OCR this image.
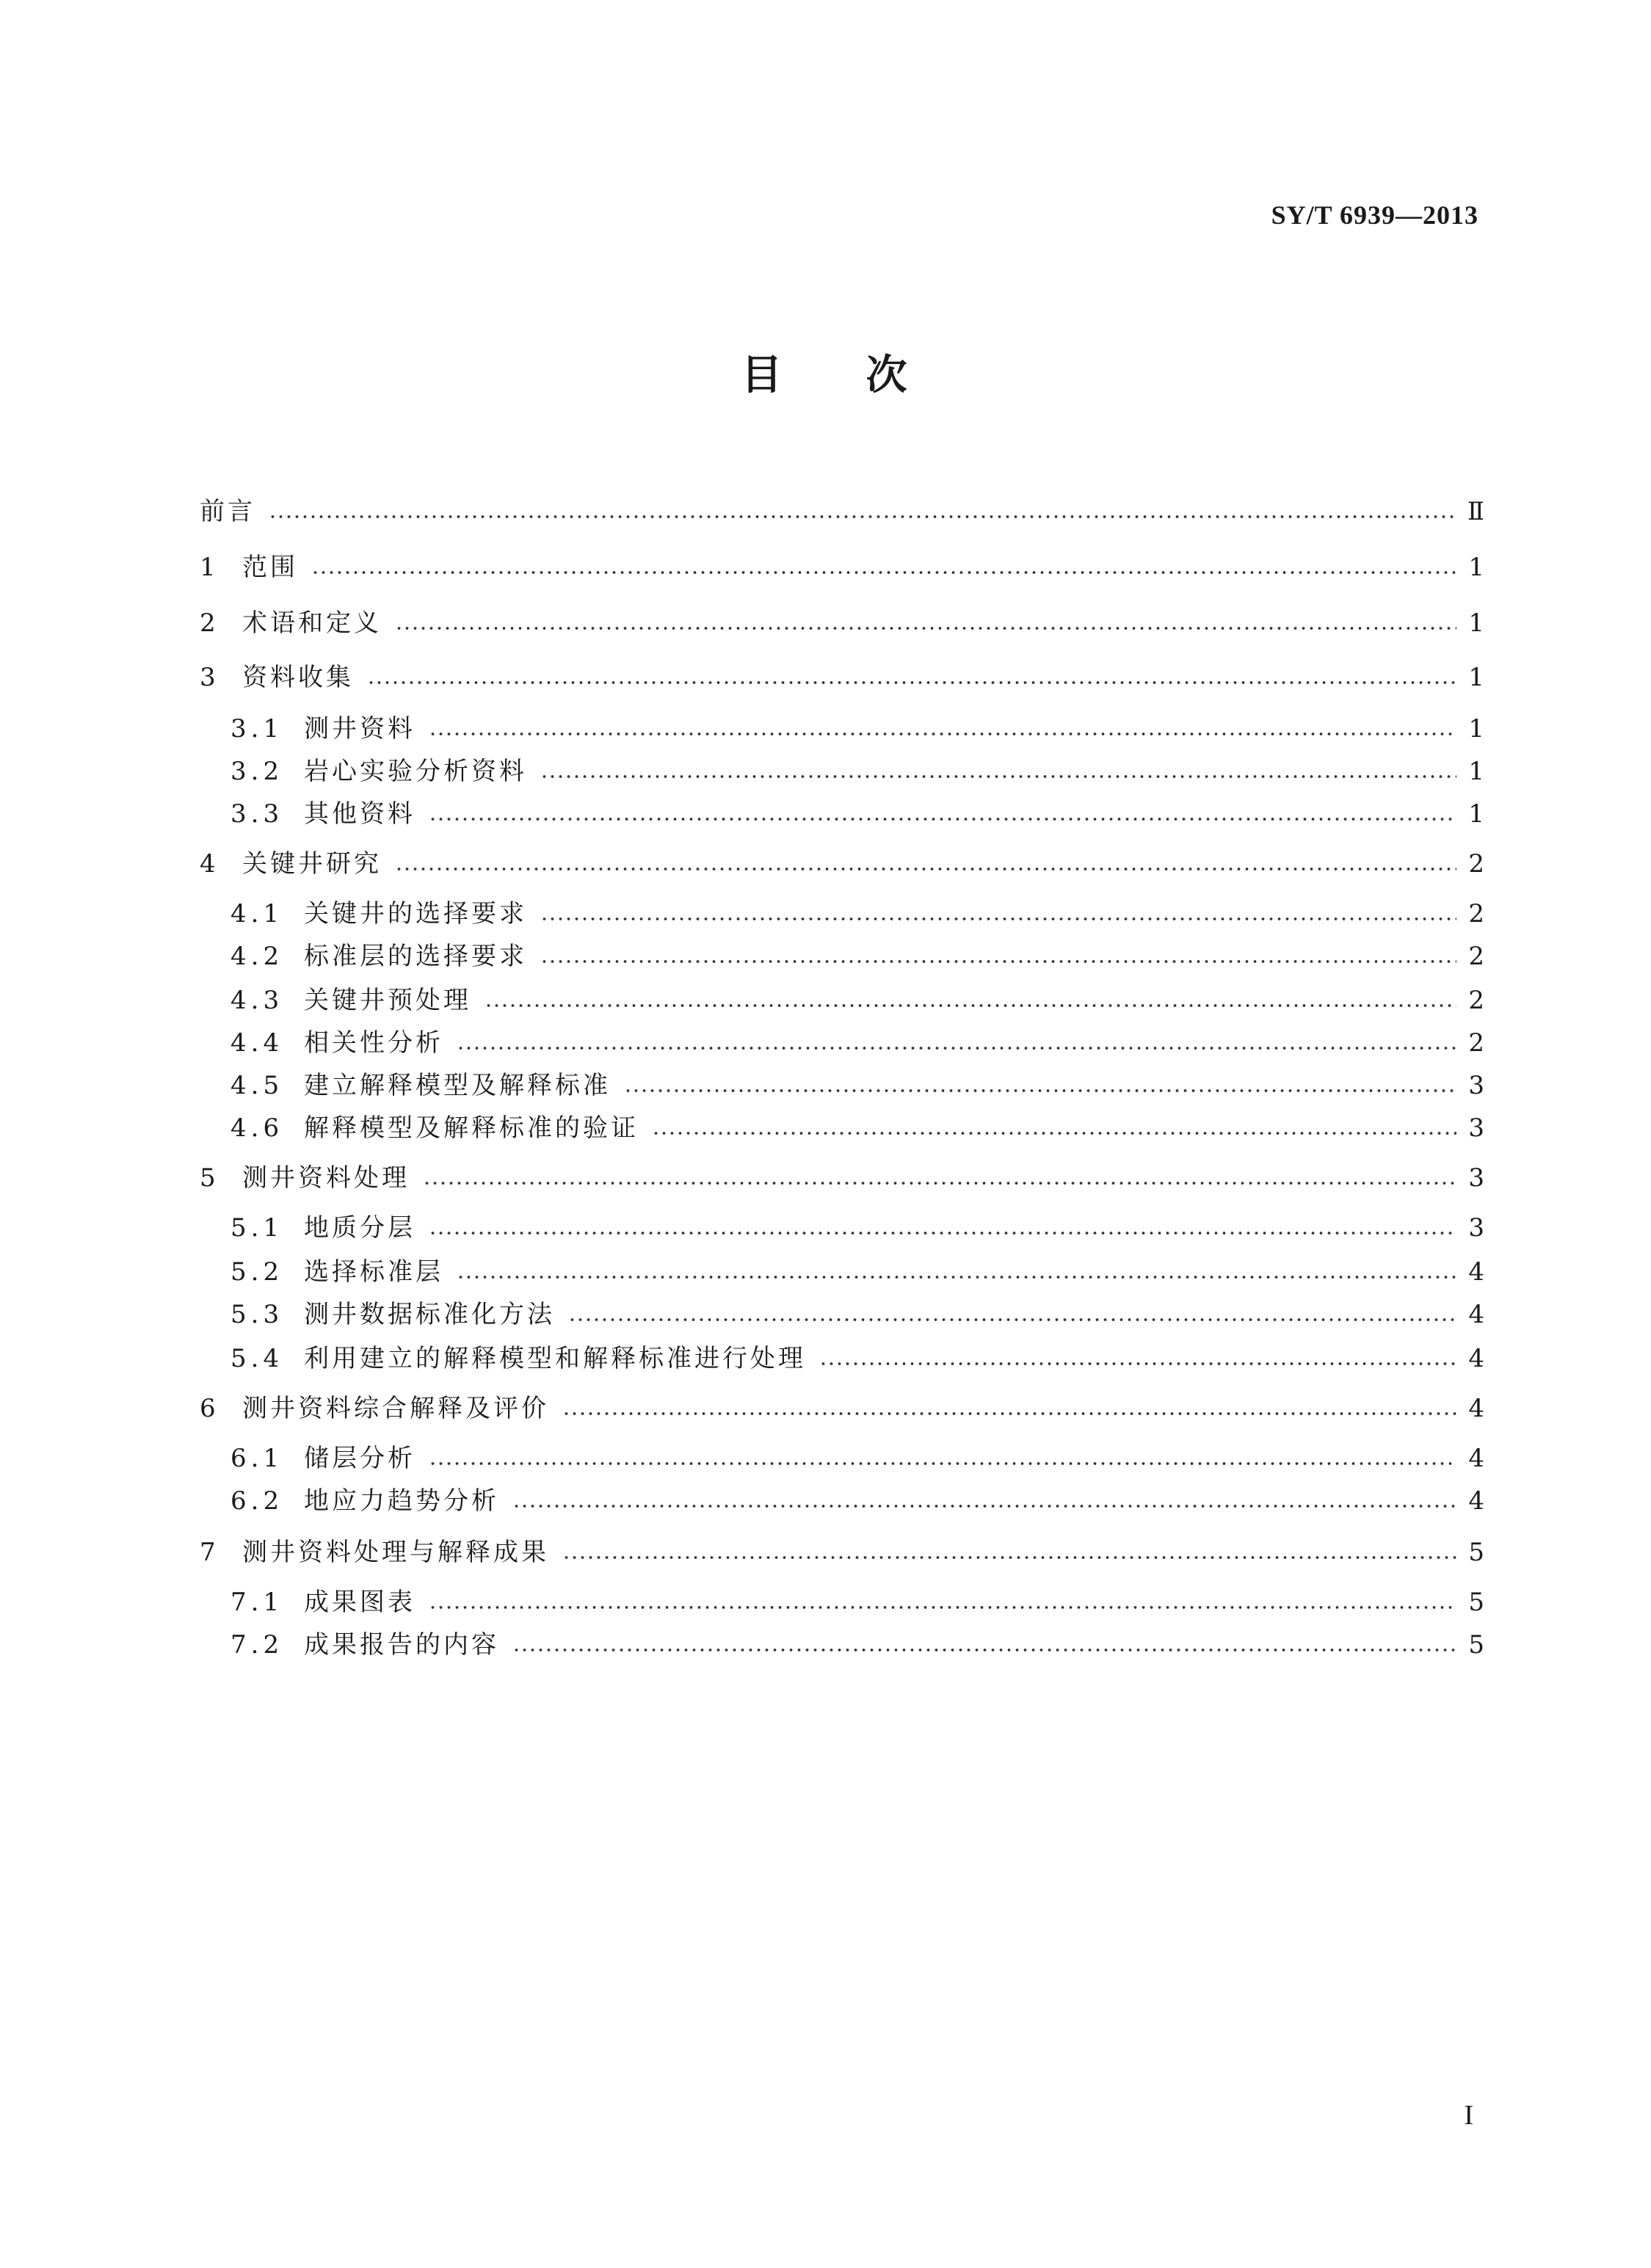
SY/T 6939—2013
目 次
前言	Ⅱ
1 范围	1
2 术语和定义	1
3 资料收集	1
3.1 测井资料	1
3.2 岩心实验分析资料	1
3.3 其他资料	1
4 关键井研究	2
4.1 关键井的选择要求	2
4.2 标准层的选择要求	2
4.3 关键井预处理	2
4.4 相关性分析	2
4.5 建立解释模型及解释标准	3
4.6 解释模型及解释标准的验证	3
5 测井资料处理	3
5.1 地质分层	3
5.2 选择标准层	4
5.3 测井数据标准化方法	4
5.4 利用建立的解释模型和解释标准进行处理	4
6 测井资料综合解释及评价	4
6.1 储层分析	4
6.2 地应力趋势分析	4
7 测井资料处理与解释成果	5
7.1 成果图表	5
7.2 成果报告的内容	5
I
